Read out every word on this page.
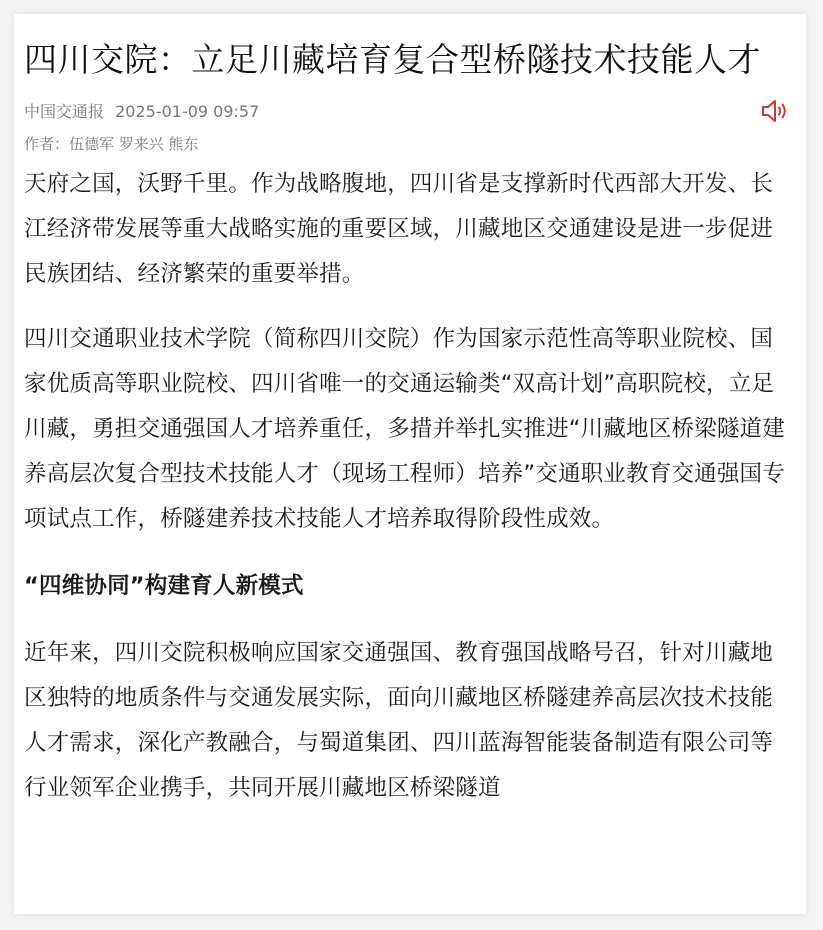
四川交院：立足川藏培育复合型桥隧技术技能人才
中国交通报 2025-01-09 09:57
作者：伍德军 罗来兴 熊东

天府之国，沃野千里。作为战略腹地，四川省是支撑新时代西部大开发、长江经济带发展等重大战略实施的重要区域，川藏地区交通建设是进一步促进民族团结、经济繁荣的重要举措。

四川交通职业技术学院（简称四川交院）作为国家示范性高等职业院校、国家优质高等职业院校、四川省唯一的交通运输类“双高计划”高职院校，立足川藏，勇担交通强国人才培养重任，多措并举扎实推进“川藏地区桥梁隧道建养高层次复合型技术技能人才（现场工程师）培养”交通职业教育交通强国专项试点工作，桥隧建养技术技能人才培养取得阶段性成效。

“四维协同”构建育人新模式

近年来，四川交院积极响应国家交通强国、教育强国战略号召，针对川藏地区独特的地质条件与交通发展实际，面向川藏地区桥隧建养高层次技术技能人才需求，深化产教融合，与蜀道集团、四川蓝海智能装备制造有限公司等行业领军企业携手，共同开展川藏地区桥梁隧道
